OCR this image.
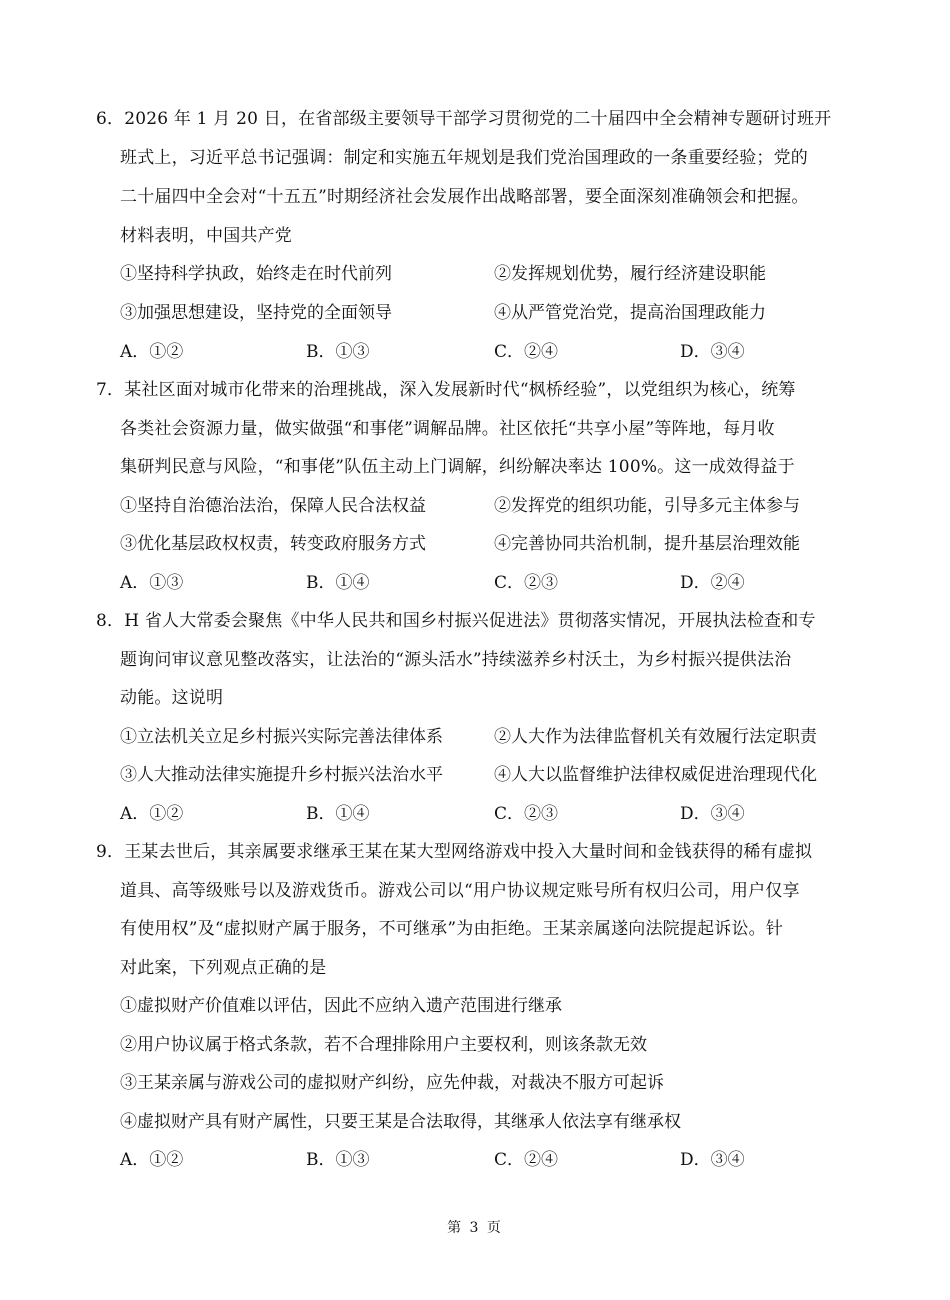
6．2026 年 1 月 20 日，在省部级主要领导干部学习贯彻党的二十届四中全会精神专题研讨班开
班式上，习近平总书记强调：制定和实施五年规划是我们党治国理政的一条重要经验；党的
二十届四中全会对“十五五”时期经济社会发展作出战略部署，要全面深刻准确领会和把握。
材料表明，中国共产党
①坚持科学执政，始终走在时代前列	②发挥规划优势，履行经济建设职能
③加强思想建设，坚持党的全面领导	④从严管党治党，提高治国理政能力
A．①②	B．①③	C．②④	D．③④
7．某社区面对城市化带来的治理挑战，深入发展新时代“枫桥经验”，以党组织为核心，统筹
各类社会资源力量，做实做强“和事佬”调解品牌。社区依托“共享小屋”等阵地，每月收
集研判民意与风险，“和事佬”队伍主动上门调解，纠纷解决率达 100%。这一成效得益于
①坚持自治德治法治，保障人民合法权益	②发挥党的组织功能，引导多元主体参与
③优化基层政权权责，转变政府服务方式	④完善协同共治机制，提升基层治理效能
A．①③	B．①④	C．②③	D．②④
8．H 省人大常委会聚焦《中华人民共和国乡村振兴促进法》贯彻落实情况，开展执法检查和专
题询问审议意见整改落实，让法治的“源头活水”持续滋养乡村沃土，为乡村振兴提供法治
动能。这说明
①立法机关立足乡村振兴实际完善法律体系	②人大作为法律监督机关有效履行法定职责
③人大推动法律实施提升乡村振兴法治水平	④人大以监督维护法律权威促进治理现代化
A．①②	B．①④	C．②③	D．③④
9．王某去世后，其亲属要求继承王某在某大型网络游戏中投入大量时间和金钱获得的稀有虚拟
道具、高等级账号以及游戏货币。游戏公司以“用户协议规定账号所有权归公司，用户仅享
有使用权”及“虚拟财产属于服务，不可继承”为由拒绝。王某亲属遂向法院提起诉讼。针
对此案，下列观点正确的是
①虚拟财产价值难以评估，因此不应纳入遗产范围进行继承
②用户协议属于格式条款，若不合理排除用户主要权利，则该条款无效
③王某亲属与游戏公司的虚拟财产纠纷，应先仲裁，对裁决不服方可起诉
④虚拟财产具有财产属性，只要王某是合法取得，其继承人依法享有继承权
A．①②	B．①③	C．②④	D．③④
第 3 页
